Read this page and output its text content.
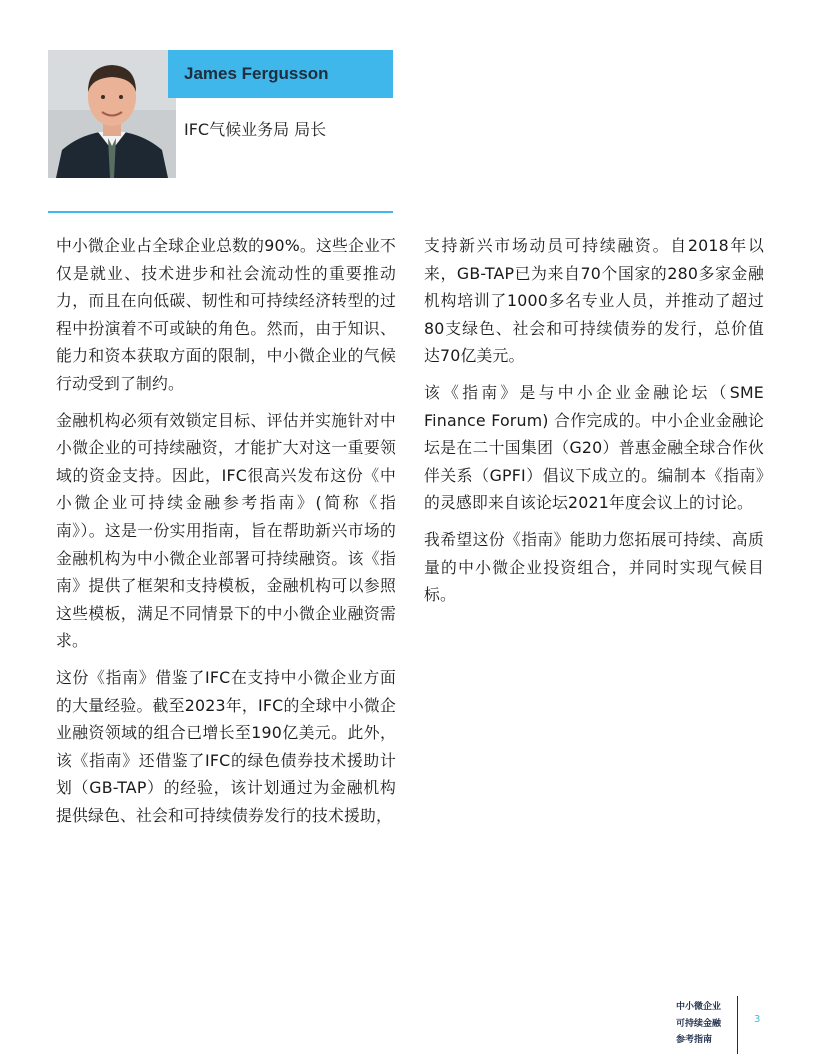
James Fergusson
IFC气候业务局 局长

中小微企业占全球企业总数的90%。这些企业不仅是就业、技术进步和社会流动性的重要推动力，而且在向低碳、韧性和可持续经济转型的过程中扮演着不可或缺的角色。然而，由于知识、能力和资本获取方面的限制，中小微企业的气候行动受到了制约。

金融机构必须有效锁定目标、评估并实施针对中小微企业的可持续融资，才能扩大对这一重要领域的资金支持。因此，IFC很高兴发布这份《中小微企业可持续金融参考指南》(简称《指南》）。这是一份实用指南，旨在帮助新兴市场的金融机构为中小微企业部署可持续融资。该《指南》提供了框架和支持模板，金融机构可以参照这些模板，满足不同情景下的中小微企业融资需求。

这份《指南》借鉴了IFC在支持中小微企业方面的大量经验。截至2023年，IFC的全球中小微企业融资领域的组合已增长至190亿美元。此外，该《指南》还借鉴了IFC的绿色债券技术援助计划（GB-TAP）的经验，该计划通过为金融机构提供绿色、社会和可持续债券发行的技术援助，

支持新兴市场动员可持续融资。自2018年以来，GB-TAP已为来自70个国家的280多家金融机构培训了1000多名专业人员，并推动了超过80支绿色、社会和可持续债券的发行，总价值达70亿美元。

该《指南》是与中小企业金融论坛（SME Finance Forum) 合作完成的。中小企业金融论坛是在二十国集团（G20）普惠金融全球合作伙伴关系（GPFI）倡议下成立的。编制本《指南》的灵感即来自该论坛2021年度会议上的讨论。

我希望这份《指南》能助力您拓展可持续、高质量的中小微企业投资组合，并同时实现气候目标。

中小微企业
可持续金融
参考指南
3
